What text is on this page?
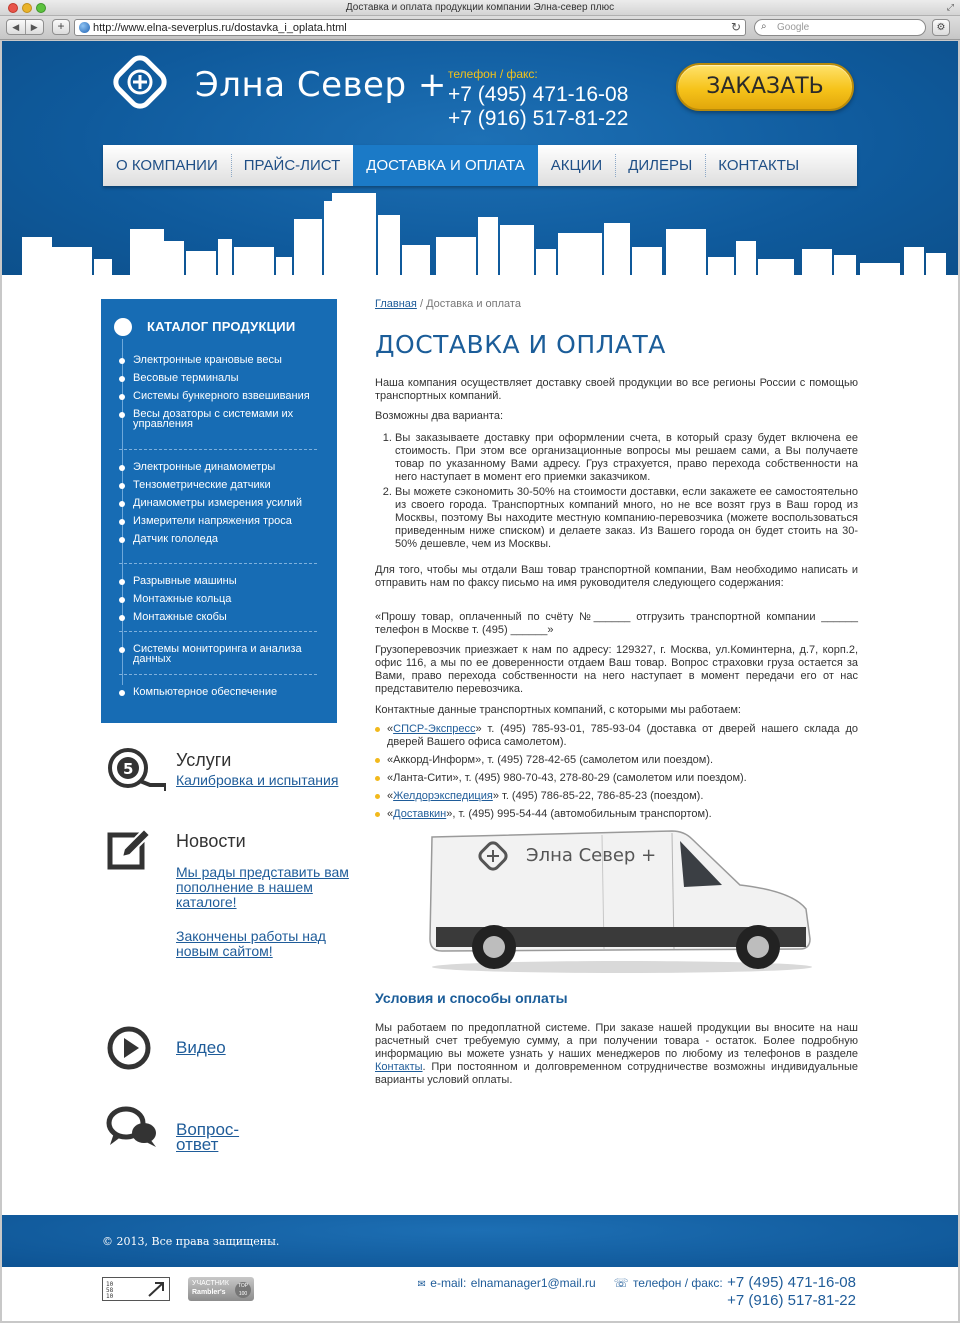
Доставка и оплата продукции компании Элна-север плюс	⤢
◀	▶	+	http://www.elna-severplus.ru/dostavka_i_oplata.html	↻ ⌕ Google	⚙
Элна Север + телефон / факс:
+7 (495) 471-16-08
+7 (916) 517-81-22
ЗАКАЗАТЬ
О КОМПАНИИ	ПРАЙС-ЛИСТ	ДОСТАВКА И ОПЛАТА	АКЦИИ	ДИЛЕРЫ	КОНТАКТЫ
КАТАЛОГ ПРОДУКЦИИ
Электронные крановые весы
Весовые терминалы
Системы бункерного взвешивания
Весы дозаторы с системами их управления
Электронные динамометры
Тензометрические датчики
Динамометры измерения усилий
Измерители напряжения троса
Датчик гололеда
Разрывные машины
Монтажные кольца
Монтажные скобы
Системы мониторинга и анализа данных
Компьютерное обеспечение
5 Услуги
Калибровка и испытания
Новости
Мы рады представить вам пополнение в нашем каталоге!
Закончены работы над новым сайтом!
Видео
Вопрос-ответ
Главная / Доставка и оплата
ДОСТАВКА И ОПЛАТА
Наша компания осуществляет доставку своей продукции во все регионы России с помощью транспортных компаний.
Возможны два варианта:
1. Вы заказываете доставку при оформлении счета, в который сразу будет включена ее стоимость. При этом все организационные вопросы мы решаем сами, а Вы получаете товар по указанному Вами адресу. Груз страхуется, право перехода собственности на него наступает в момент его приемки заказчиком.
2. Вы можете сэкономить 30-50% на стоимости доставки, если закажете ее самостоятельно из своего города. Транспортных компаний много, но не все возят груз в Ваш город из Москвы, поэтому Вы находите местную компанию-перевозчика (можете воспользоваться приведенным ниже списком) и делаете заказ. Из Вашего города он будет стоить на 30-50% дешевле, чем из Москвы.
Для того, чтобы мы отдали Ваш товар транспортной компании, Вам необходимо написать и отправить нам по факсу письмо на имя руководителя следующего содержания:
«Прошу товар, оплаченный по счёту №______ отгрузить транспортной компании ______ телефон в Москве т. (495) ______»
Грузоперевозчик приезжает к нам по адресу: 129327, г. Москва, ул.Коминтерна, д.7, корп.2, офис 116, а мы по ее доверенности отдаем Ваш товар. Вопрос страховки груза остается за Вами, право перехода собственности на него наступает в момент передачи его от нас представителю перевозчика.
Контактные данные транспортных компаний, с которыми мы работаем:
«СПСР-Экспресс» т. (495) 785-93-01, 785-93-04 (доставка от дверей нашего склада до дверей Вашего офиса самолетом).
«Аккорд-Информ», т. (495) 728-42-65 (самолетом или поездом).
«Ланта-Сити», т. (495) 980-70-43, 278-80-29 (самолетом или поездом).
«Желдорэкспедиция» т. (495) 786-85-22, 786-85-23 (поездом).
«Доставкин», т. (495) 995-54-44 (автомобильным транспортом).
Элна Север +
Условия и способы оплаты
Мы работаем по предоплатной системе. При заказе нашей продукции вы вносите на наш расчетный счет требуемую сумму, а при получении товара - остаток. Более подробную информацию вы можете узнать у наших менеджеров по любому из телефонов в разделе Контакты. При постоянном и долговременном сотрудничестве возможны индивидуальные варианты условий оплаты.
© 2013, Все права защищены.
10
58
10
УЧАСТНИК
Rambler's
TOP 100
✉ e-mail: elnamanager1@mail.ru ☏ телефон / факс: +7 (495) 471-16-08
+7 (916) 517-81-22
